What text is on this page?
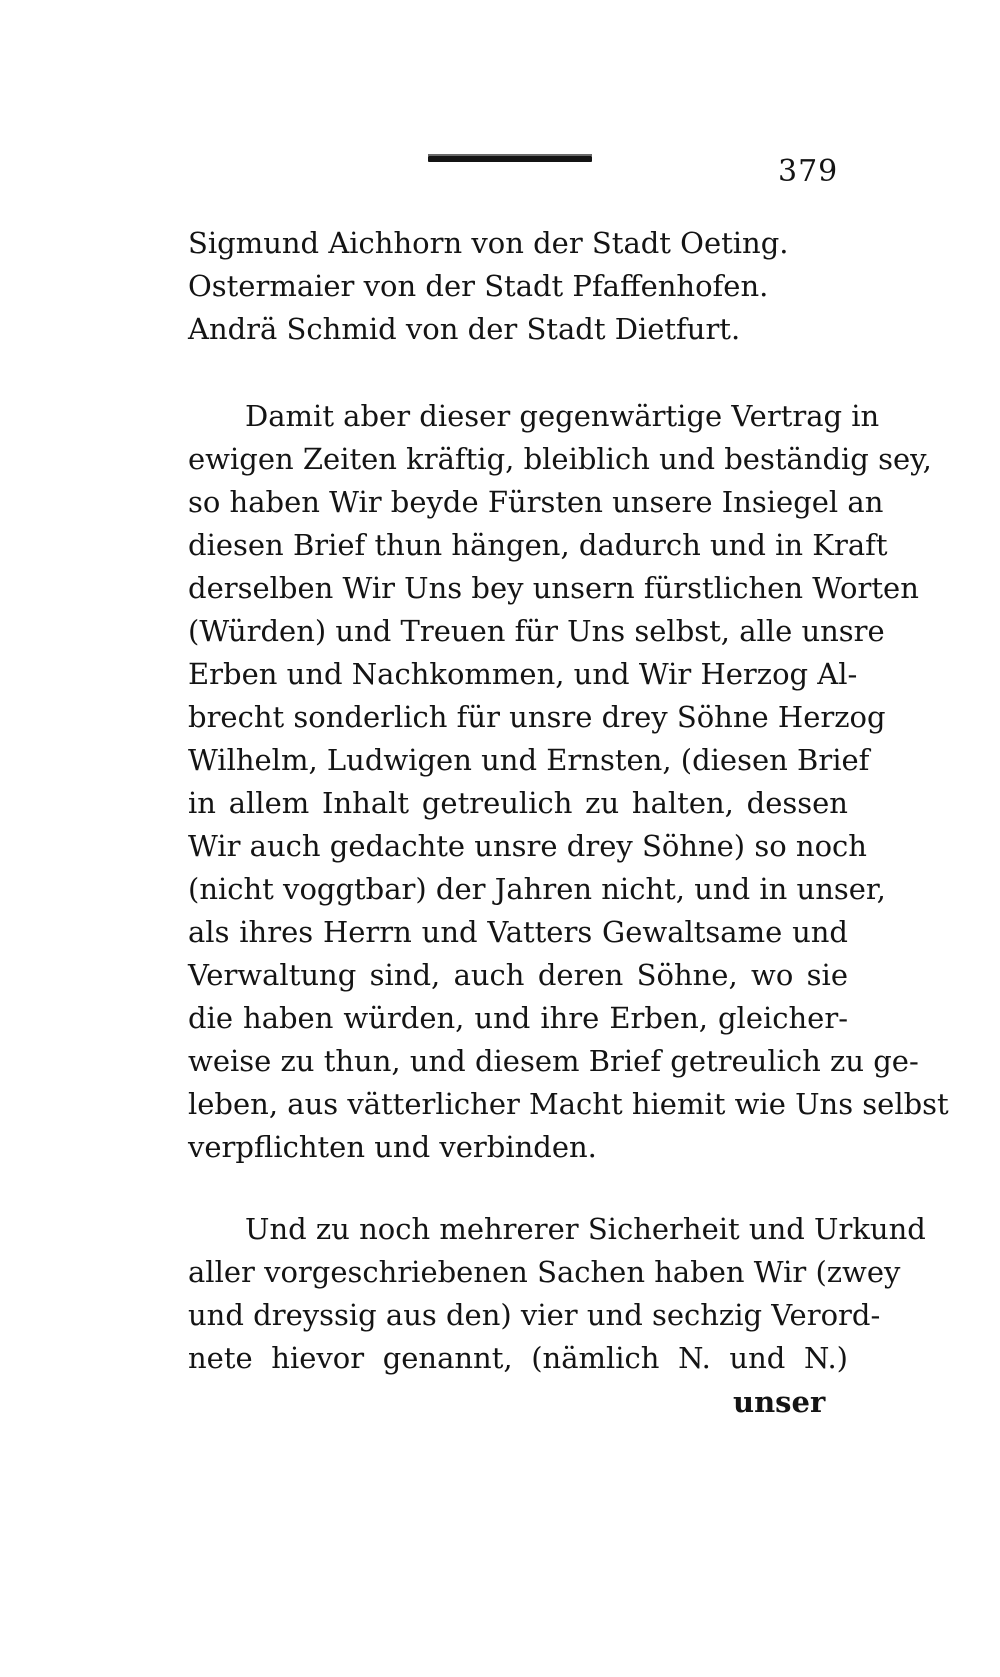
379
Sigmund Aichhorn von der Stadt Oeting.
Ostermaier von der Stadt Pfaffenhofen.
Andrä Schmid von der Stadt Dietfurt.
Damit aber dieser gegenwärtige Vertrag in
ewigen Zeiten kräftig, bleiblich und beständig sey,
so haben Wir beyde Fürsten unsere Insiegel an
diesen Brief thun hängen, dadurch und in Kraft
derselben Wir Uns bey unsern fürstlichen Worten
(Würden) und Treuen für Uns selbst, alle unsre
Erben und Nachkommen, und Wir Herzog Al-
brecht sonderlich für unsre drey Söhne Herzog
Wilhelm, Ludwigen und Ernsten, (diesen Brief
in allem Inhalt getreulich zu halten, dessen
Wir auch gedachte unsre drey Söhne) so noch
(nicht voggtbar) der Jahren nicht, und in unser,
als ihres Herrn und Vatters Gewaltsame und
Verwaltung sind, auch deren Söhne, wo sie
die haben würden, und ihre Erben, gleicher-
weise zu thun, und diesem Brief getreulich zu ge-
leben, aus vätterlicher Macht hiemit wie Uns selbst
verpflichten und verbinden.
Und zu noch mehrerer Sicherheit und Urkund
aller vorgeschriebenen Sachen haben Wir (zwey
und dreyssig aus den) vier und sechzig Verord-
nete hievor genannt, (nämlich N. und N.)
unser
